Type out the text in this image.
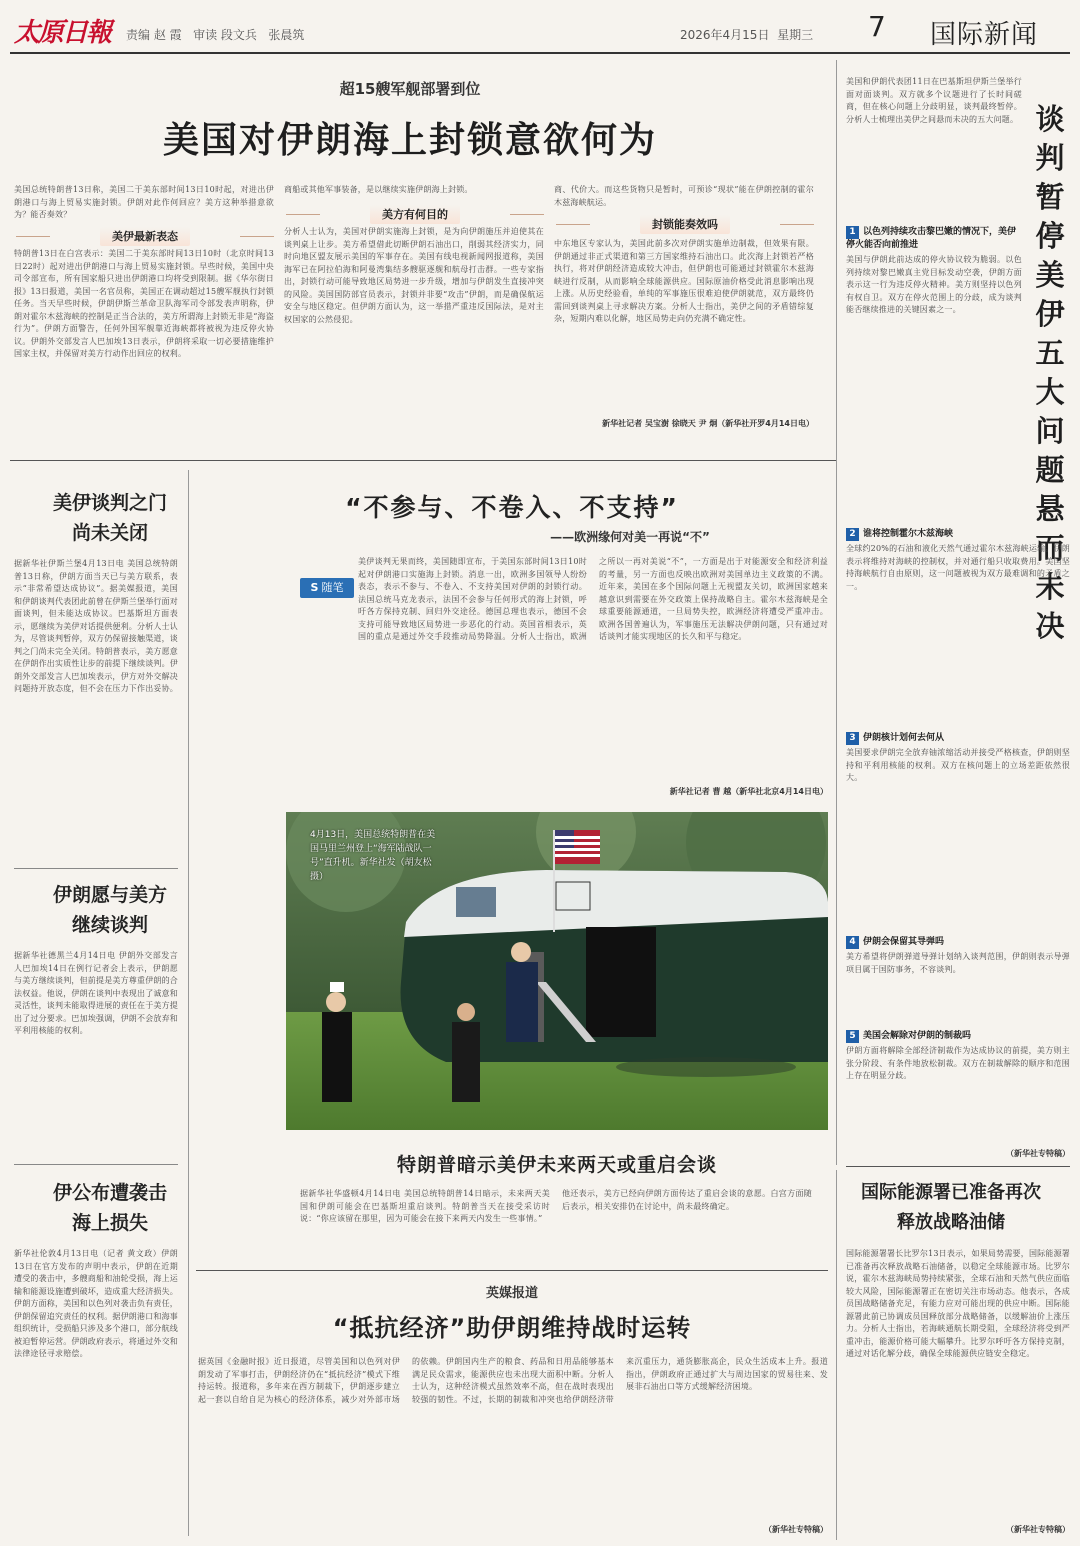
太原日報 责编 赵 霞   审读 段文兵   张晨筑	2026年4月15日  星期三 7 国际新闻
超15艘军舰部署到位
美国对伊朗海上封锁意欲何为
美国总统特朗普13日称，美国二于美东部时间13日10时起，对进出伊朗港口与海上贸易实施封锁。伊朗对此作何回应？美方这种举措意欲为？能否奏效？
美伊最新表态
特朗普13日在白宫表示：美国二于美东部时间13日10时（北京时间13日22时）起对进出伊朗港口与海上贸易实施封锁。早些时候，美国中央司令部宣布，所有国家船只进出伊朗港口均将受到限制。据《华尔街日报》13日报道，美国一名官员称，美国正在调动超过15艘军舰执行封锁任务。当天早些时候，伊朗伊斯兰革命卫队海军司令部发表声明称，伊朗对霍尔木兹海峡的控制是正当合法的，美方所谓海上封锁无非是“海盗行为”。伊朗方面警告，任何外国军舰靠近海峡都将被视为违反停火协议。伊朗外交部发言人巴加埃13日表示，伊朗将采取一切必要措施维护国家主权，并保留对美方行动作出回应的权利。
商船或其他军事装备，是以继续实施伊朗海上封锁。
美方有何目的
分析人士认为，美国对伊朗实施海上封锁，是为向伊朗施压并迫使其在谈判桌上让步。美方希望借此切断伊朗石油出口，削弱其经济实力，同时向地区盟友展示美国的军事存在。美国有线电视新闻网报道称，美国海军已在阿拉伯海和阿曼湾集结多艘驱逐舰和航母打击群。一些专家指出，封锁行动可能导致地区局势进一步升级，增加与伊朗发生直接冲突的风险。美国国防部官员表示，封锁并非要“攻击”伊朗，而是确保航运安全与地区稳定。但伊朗方面认为，这一举措严重违反国际法，是对主权国家的公然侵犯。
商、代价大。而这些货物只是暂时，可预诊“现状”能在伊朗控制的霍尔木兹海峡航运。
封锁能奏效吗
中东地区专家认为，美国此前多次对伊朗实施单边制裁，但效果有限。伊朗通过非正式渠道和第三方国家维持石油出口。此次海上封锁若严格执行，将对伊朗经济造成较大冲击，但伊朗也可能通过封锁霍尔木兹海峡进行反制，从而影响全球能源供应。国际原油价格受此消息影响出现上涨。从历史经验看，单纯的军事施压很难迫使伊朗就范，双方最终仍需回到谈判桌上寻求解决方案。分析人士指出，美伊之间的矛盾错综复杂，短期内难以化解，地区局势走向仍充满不确定性。
新华社记者 吴宝澍 徐晓天 尹 炯（新华社开罗4月14日电）
美国和伊朗代表团11日在巴基斯坦伊斯兰堡举行面对面谈判。双方就多个议题进行了长时间磋商，但在核心问题上分歧明显，谈判最终暂停。分析人士梳理出美伊之间悬而未决的五大问题。 谈判暂停 美伊五大问题悬而未决
1 以色列持续攻击黎巴嫩的情况下，美伊停火能否向前推进
美国与伊朗此前达成的停火协议较为脆弱。以色列持续对黎巴嫩真主党目标发动空袭，伊朗方面表示这一行为违反停火精神。美方则坚持以色列有权自卫。双方在停火范围上的分歧，成为谈判能否继续推进的关键因素之一。
2 谁将控制霍尔木兹海峡
全球约20%的石油和液化天然气通过霍尔木兹海峡运输。伊朗表示将维持对海峡的控制权，并对通行船只收取费用。美国坚持海峡航行自由原则，这一问题被视为双方最难调和的矛盾之一。
3 伊朗核计划何去何从
美国要求伊朗完全放弃铀浓缩活动并接受严格核查，伊朗则坚持和平利用核能的权利。双方在核问题上的立场差距依然很大。
4 伊朗会保留其导弹吗
美方希望将伊朗弹道导弹计划纳入谈判范围，伊朗则表示导弹项目属于国防事务，不容谈判。
5 美国会解除对伊朗的制裁吗
伊朗方面将解除全部经济制裁作为达成协议的前提，美方则主张分阶段、有条件地放松制裁。双方在制裁解除的顺序和范围上存在明显分歧。
（新华社专特稿）
美伊谈判之门尚未关闭
据新华社伊斯兰堡4月13日电 美国总统特朗普13日称，伊朗方面当天已与美方联系，表示“非常希望达成协议”。据美媒报道，美国和伊朗谈判代表团此前曾在伊斯兰堡举行面对面谈判，但未能达成协议。巴基斯坦方面表示，愿继续为美伊对话提供便利。分析人士认为，尽管谈判暂停，双方仍保留接触渠道，谈判之门尚未完全关闭。特朗普表示，美方愿意在伊朗作出实质性让步的前提下继续谈判。伊朗外交部发言人巴加埃表示，伊方对外交解决问题持开放态度，但不会在压力下作出妥协。
伊朗愿与美方继续谈判
据新华社德黑兰4月14日电 伊朗外交部发言人巴加埃14日在例行记者会上表示，伊朗愿与美方继续谈判，但前提是美方尊重伊朗的合法权益。他说，伊朗在谈判中表现出了诚意和灵活性，谈判未能取得进展的责任在于美方提出了过分要求。巴加埃强调，伊朗不会放弃和平利用核能的权利。
伊公布遭袭击海上损失
新华社伦敦4月13日电（记者 黄文政）伊朗13日在官方发布的声明中表示，伊朗在近期遭受的袭击中，多艘商船和油轮受损，海上运输和能源设施遭到破坏，造成重大经济损失。伊朗方面称，美国和以色列对袭击负有责任，伊朗保留追究责任的权利。据伊朗港口和海事组织统计，受损船只涉及多个港口，部分航线被迫暂停运营。伊朗政府表示，将通过外交和法律途径寻求赔偿。
“不参与、不卷入、不支持”
——欧洲缘何对美一再说“不”
S 随笔
美伊谈判无果而终，美国随即宣布，于美国东部时间13日10时起对伊朗港口实施海上封锁。消息一出，欧洲多国领导人纷纷表态，表示不参与、不卷入、不支持美国对伊朗的封锁行动。法国总统马克龙表示，法国不会参与任何形式的海上封锁，呼吁各方保持克制、回归外交途径。德国总理也表示，德国不会支持可能导致地区局势进一步恶化的行动。英国首相表示，英国的重点是通过外交手段推动局势降温。分析人士指出，欧洲之所以一再对美说“不”，一方面是出于对能源安全和经济利益的考量，另一方面也反映出欧洲对美国单边主义政策的不满。近年来，美国在多个国际问题上无视盟友关切，欧洲国家越来越意识到需要在外交政策上保持战略自主。霍尔木兹海峡是全球重要能源通道，一旦局势失控，欧洲经济将遭受严重冲击。欧洲各国普遍认为，军事施压无法解决伊朗问题，只有通过对话谈判才能实现地区的长久和平与稳定。
新华社记者 曹 越（新华社北京4月14日电）
4月13日，美国总统特朗普在美国马里兰州登上“海军陆战队一号”直升机。新华社发（胡友松 摄）
特朗普暗示美伊未来两天或重启会谈
据新华社华盛顿4月14日电 美国总统特朗普14日暗示，未来两天美国和伊朗可能会在巴基斯坦重启谈判。特朗普当天在接受采访时说：“你应该留在那里，因为可能会在接下来两天内发生一些事情。”
他还表示，美方已经向伊朗方面传达了重启会谈的意愿。白宫方面随后表示，相关安排仍在讨论中，尚未最终确定。
英媒报道
“抵抗经济”助伊朗维持战时运转
据英国《金融时报》近日报道，尽管美国和以色列对伊朗发动了军事打击，伊朗经济仍在“抵抗经济”模式下维持运转。报道称，多年来在西方制裁下，伊朗逐步建立起一套以自给自足为核心的经济体系，减少对外部市场的依赖。伊朗国内生产的粮食、药品和日用品能够基本满足民众需求，能源供应也未出现大面积中断。分析人士认为，这种经济模式虽然效率不高，但在战时表现出较强的韧性。不过，长期的制裁和冲突也给伊朗经济带来沉重压力，通货膨胀高企，民众生活成本上升。报道指出，伊朗政府正通过扩大与周边国家的贸易往来、发展非石油出口等方式缓解经济困境。
（新华社专特稿）
国际能源署已准备再次释放战略油储
国际能源署署长比罗尔13日表示，如果局势需要，国际能源署已准备再次释放战略石油储备，以稳定全球能源市场。比罗尔说，霍尔木兹海峡局势持续紧张，全球石油和天然气供应面临较大风险，国际能源署正在密切关注市场动态。他表示，各成员国战略储备充足，有能力应对可能出现的供应中断。国际能源署此前已协调成员国释放部分战略储备，以缓解油价上涨压力。分析人士指出，若海峡通航长期受阻，全球经济将受到严重冲击，能源价格可能大幅攀升。比罗尔呼吁各方保持克制，通过对话化解分歧，确保全球能源供应链安全稳定。
（新华社专特稿）
